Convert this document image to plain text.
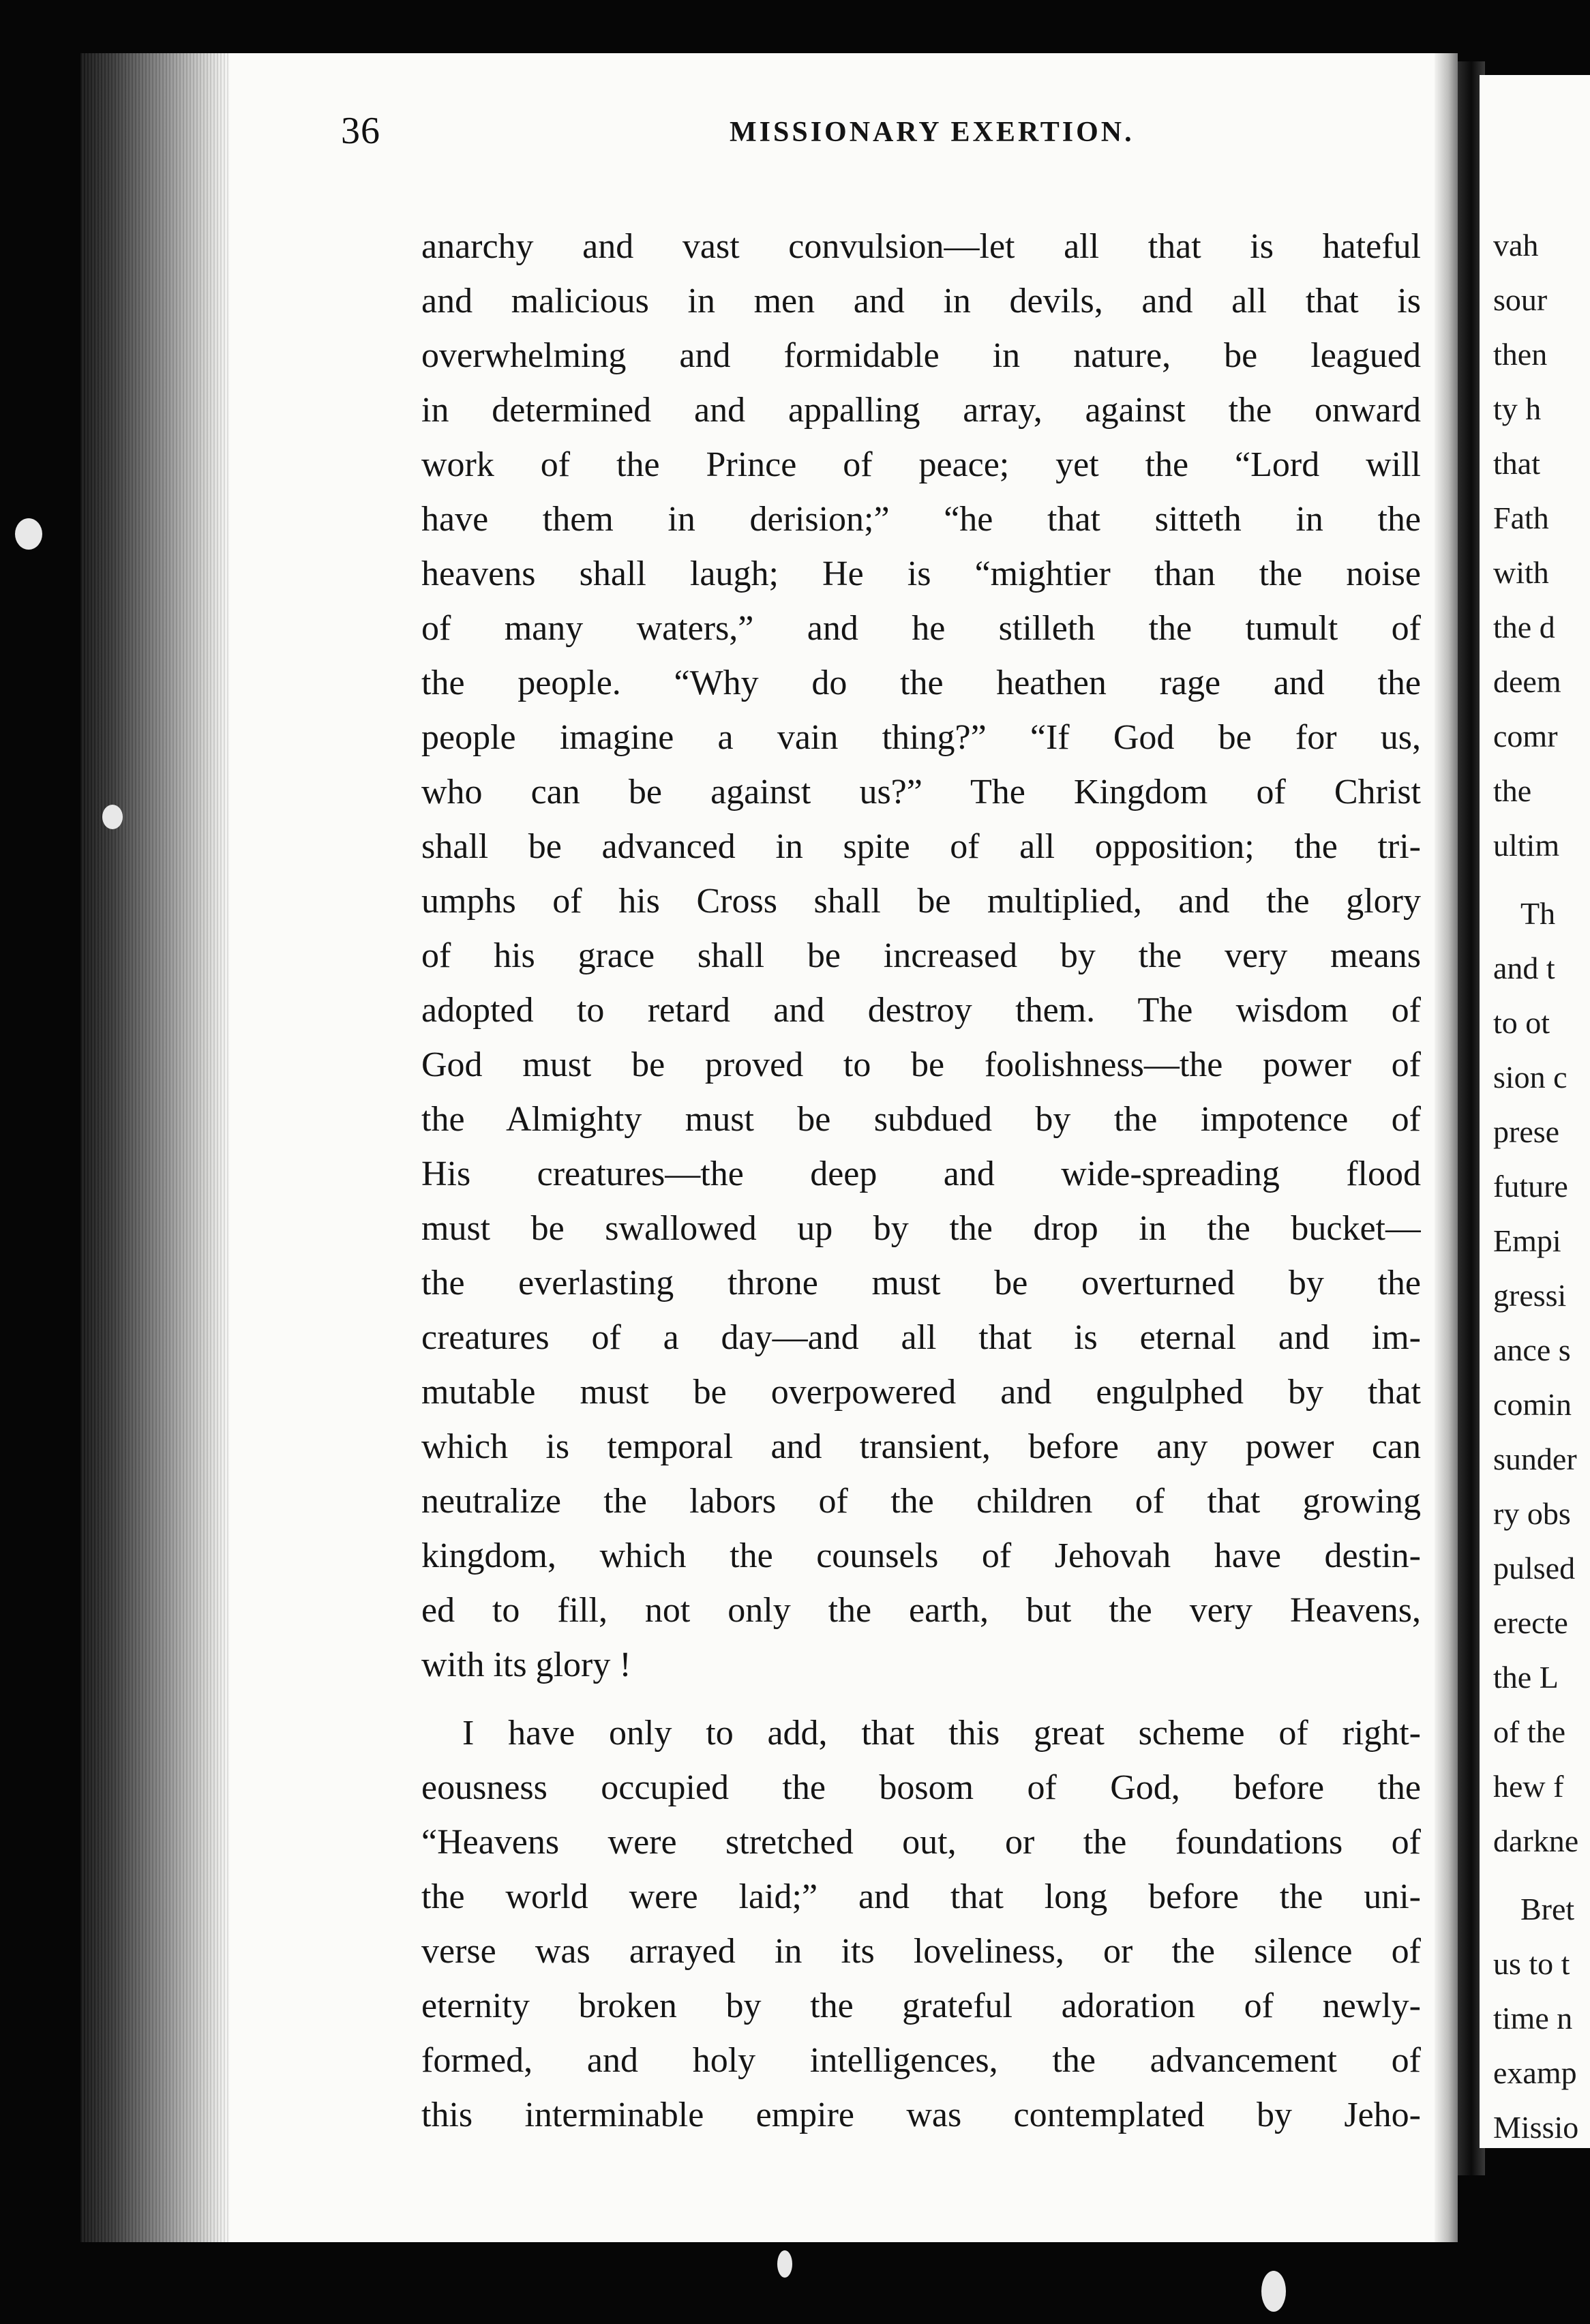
36	MISSIONARY EXERTION.
anarchy and vast convulsion—let all that is hateful
and malicious in men and in devils, and all that is
overwhelming and formidable in nature, be leagued
in determined and appalling array, against the onward
work of the Prince of peace; yet the “Lord will
have them in derision;” “he that sitteth in the
heavens shall laugh; He is “mightier than the noise
of many waters,” and he stilleth the tumult of
the people. “Why do the heathen rage and the
people imagine a vain thing?” “If God be for us,
who can be against us?” The Kingdom of Christ
shall be advanced in spite of all opposition; the tri-
umphs of his Cross shall be multiplied, and the glory
of his grace shall be increased by the very means
adopted to retard and destroy them. The wisdom of
God must be proved to be foolishness—the power of
the Almighty must be subdued by the impotence of
His creatures—the deep and wide-spreading flood
must be swallowed up by the drop in the bucket—
the everlasting throne must be overturned by the
creatures of a day—and all that is eternal and im-
mutable must be overpowered and engulphed by that
which is temporal and transient, before any power can
neutralize the labors of the children of that growing
kingdom, which the counsels of Jehovah have destin-
ed to fill, not only the earth, but the very Heavens,
with its glory !
I have only to add, that this great scheme of right-
eousness occupied the bosom of God, before the
“Heavens were stretched out, or the foundations of
the world were laid;” and that long before the uni-
verse was arrayed in its loveliness, or the silence of
eternity broken by the grateful adoration of newly-
formed, and holy intelligences, the advancement of
this interminable empire was contemplated by Jeho-
vah
sour
then
ty h
that
Fath
with
the d
deem
comr
the
ultim
Th
and t
to ot
sion c
prese
future
Empi
gressi
ance s
comin
sunder
ry obs
pulsed
erecte
the L
of the
hew f
darkne
Bret
us to t
time n
examp
Missio
